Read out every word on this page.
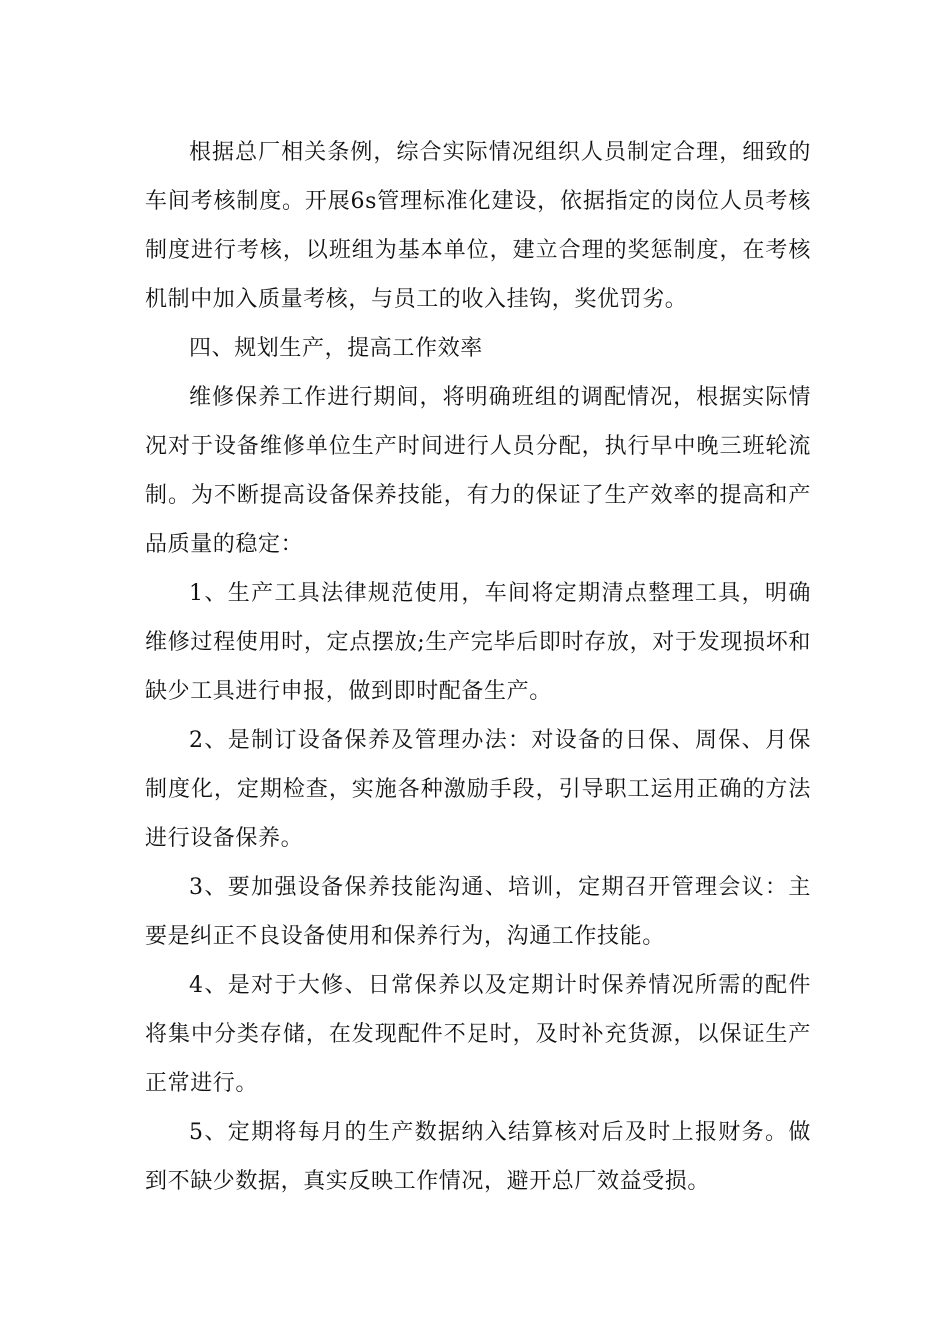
根据总厂相关条例，综合实际情况组织人员制定合理，细致的车间考核制度。开展6s管理标准化建设，依据指定的岗位人员考核制度进行考核，以班组为基本单位，建立合理的奖惩制度，在考核机制中加入质量考核，与员工的收入挂钩，奖优罚劣。

四、规划生产，提高工作效率

维修保养工作进行期间，将明确班组的调配情况，根据实际情况对于设备维修单位生产时间进行人员分配，执行早中晚三班轮流制。为不断提高设备保养技能，有力的保证了生产效率的提高和产品质量的稳定：

1、生产工具法律规范使用，车间将定期清点整理工具，明确维修过程使用时，定点摆放;生产完毕后即时存放，对于发现损坏和缺少工具进行申报，做到即时配备生产。

2、是制订设备保养及管理办法：对设备的日保、周保、月保制度化，定期检查，实施各种激励手段，引导职工运用正确的方法进行设备保养。

3、要加强设备保养技能沟通、培训，定期召开管理会议：主要是纠正不良设备使用和保养行为，沟通工作技能。

4、是对于大修、日常保养以及定期计时保养情况所需的配件将集中分类存储，在发现配件不足时，及时补充货源，以保证生产正常进行。

5、定期将每月的生产数据纳入结算核对后及时上报财务。做到不缺少数据，真实反映工作情况，避开总厂效益受损。
